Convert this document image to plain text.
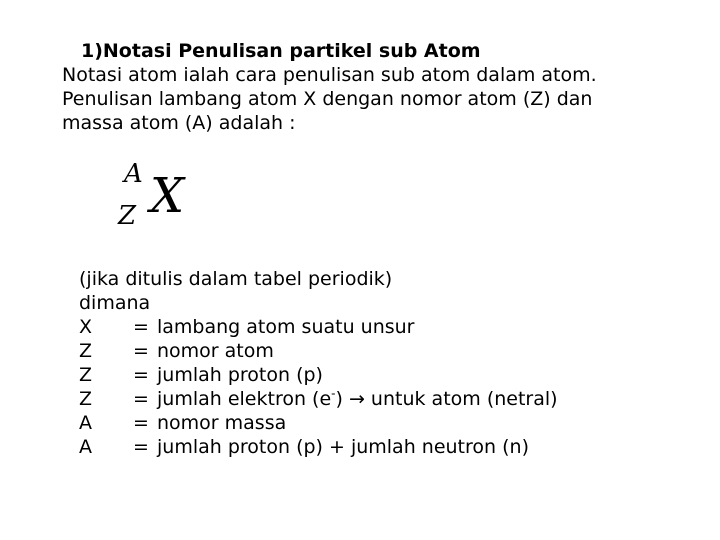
1)Notasi Penulisan partikel sub Atom
Notasi atom ialah cara penulisan sub atom dalam atom.
Penulisan lambang atom X dengan nomor atom (Z) dan
massa atom (A) adalah :
A
Z X
(jika ditulis dalam tabel periodik)
dimana
X	= lambang atom suatu unsur
Z	= nomor atom
Z	= jumlah proton (p)
Z	= jumlah elektron (e-) → untuk atom (netral)
A	= nomor massa
A	= jumlah proton (p) + jumlah neutron (n)
